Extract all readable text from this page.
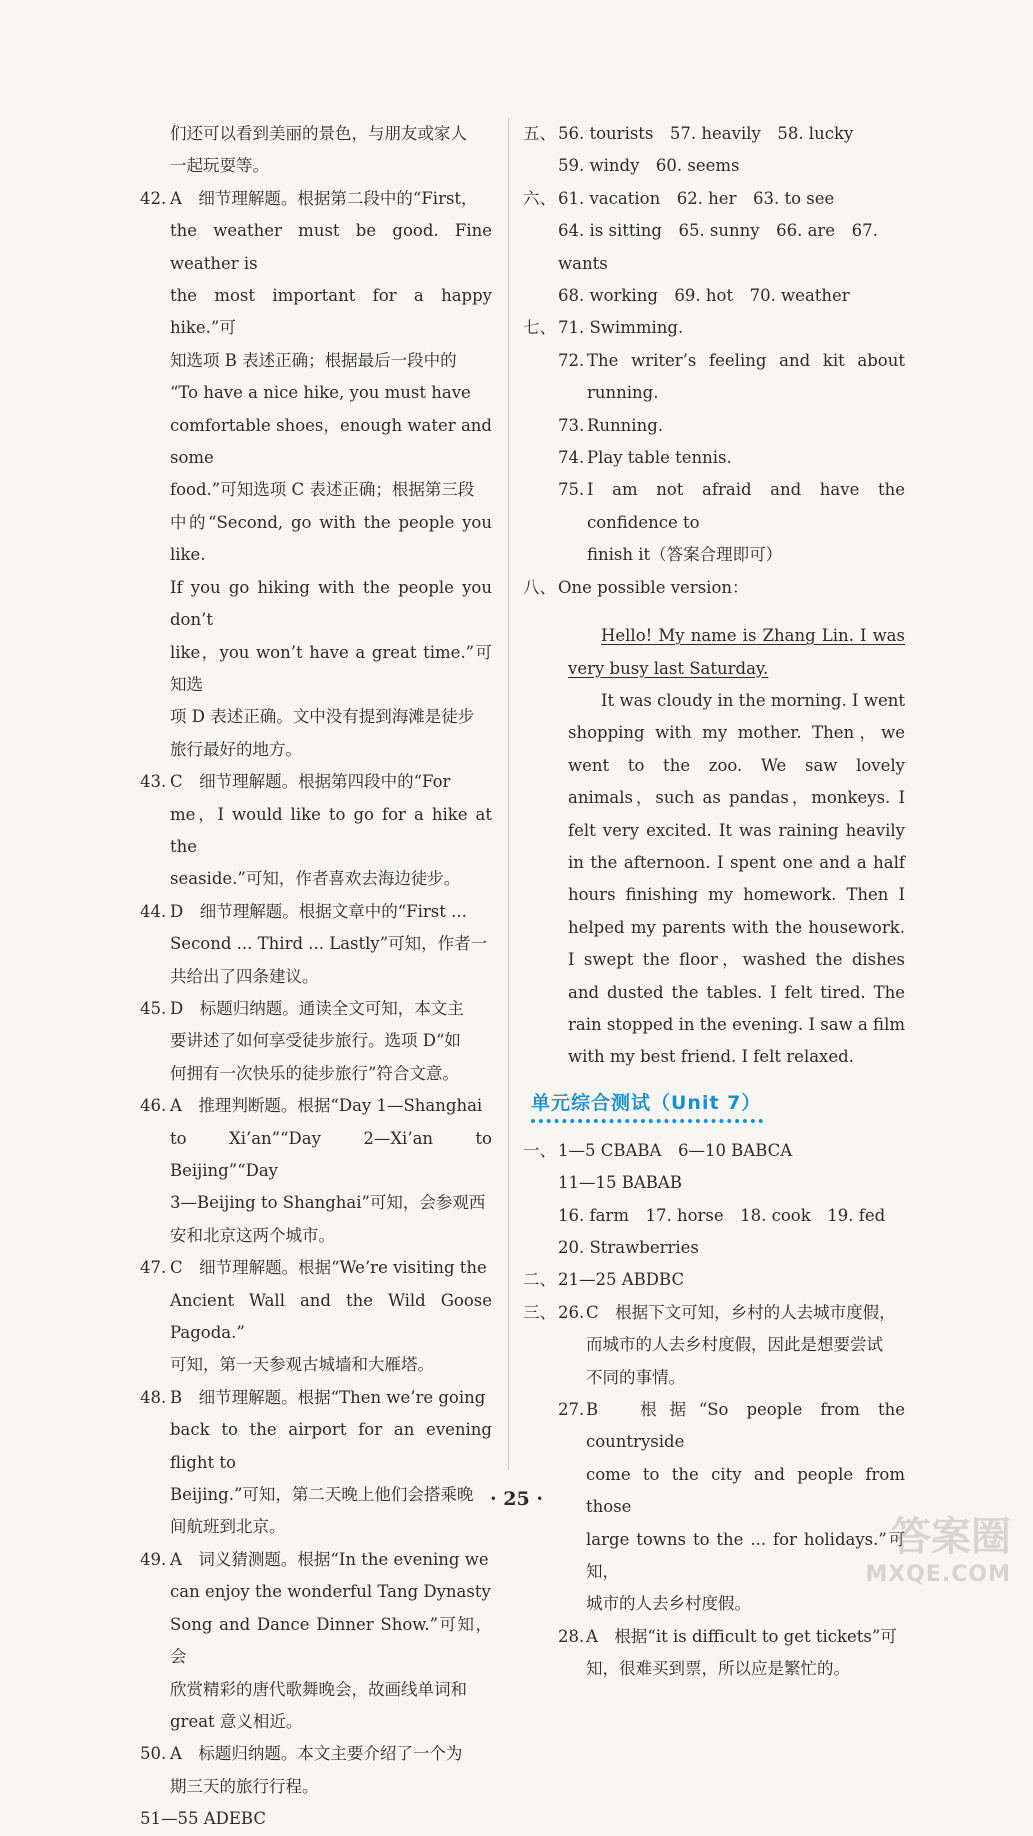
们还可以看到美丽的景色，与朋友或家人
一起玩耍等。
42. A　细节理解题。根据第二段中的“First，
the weather must be good. Fine weather is
the most important for a happy hike.”可
知选项 B 表述正确；根据最后一段中的
“To have a nice hike, you must have
comfortable shoes，enough water and some
food.”可知选项 C 表述正确；根据第三段
中的“Second, go with the people you like.
If you go hiking with the people you don’t
like，you won’t have a great time.”可知选
项 D 表述正确。文中没有提到海滩是徒步
旅行最好的地方。
43. C　细节理解题。根据第四段中的“For
me，I would like to go for a hike at the
seaside.”可知，作者喜欢去海边徒步。
44. D　细节理解题。根据文章中的“First ...
Second ... Third ... Lastly”可知，作者一
共给出了四条建议。
45. D　标题归纳题。通读全文可知，本文主
要讲述了如何享受徒步旅行。选项 D“如
何拥有一次快乐的徒步旅行”符合文意。
46. A　推理判断题。根据“Day 1—Shanghai
to Xi’an”“Day 2—Xi’an to Beijing”“Day
3—Beijing to Shanghai”可知，会参观西
安和北京这两个城市。
47. C　细节理解题。根据“We’re visiting the
Ancient Wall and the Wild Goose Pagoda.”
可知，第一天参观古城墙和大雁塔。
48. B　细节理解题。根据“Then we’re going
back to the airport for an evening flight to
Beijing.”可知，第二天晚上他们会搭乘晚
间航班到北京。
49. A　词义猜测题。根据“In the evening we
can enjoy the wonderful Tang Dynasty
Song and Dance Dinner Show.”可知，会
欣赏精彩的唐代歌舞晚会，故画线单词和
great 意义相近。
50. A　标题归纳题。本文主要介绍了一个为
期三天的旅行行程。
51—55 ADEBC
五、 56. tourists　57. heavily　58. lucky
59. windy　60. seems
六、 61. vacation　62. her　63. to see
64. is sitting　65. sunny　66. are　67. wants
68. working　69. hot　70. weather
七、 71. Swimming.
72. The writer’s feeling and kit about running.
73. Running.
74. Play table tennis.
75. I am not afraid and have the confidence to
finish it（答案合理即可）
八、 One possible version：

Hello! My name is Zhang Lin. I was very busy last Saturday.

It was cloudy in the morning. I went shopping with my mother. Then，we went to the zoo. We saw lovely animals，such as pandas，monkeys. I felt very excited. It was raining heavily in the afternoon. I spent one and a half hours finishing my homework. Then I helped my parents with the housework. I swept the floor，washed the dishes and dusted the tables. I felt tired. The rain stopped in the evening. I saw a film with my best friend. I felt relaxed.

单元综合测试（Unit 7）
一、 1—5 CBABA　6—10 BABCA
11—15 BABAB
16. farm　17. horse　18. cook　19. fed
20. Strawberries
二、 21—25 ABDBC
三、 26. C　根据下文可知，乡村的人去城市度假，
而城市的人去乡村度假，因此是想要尝试
不同的事情。
27. B　根据“So people from the countryside
come to the city and people from those
large towns to the ... for holidays.”可知，
城市的人去乡村度假。
28. A　根据“it is difficult to get tickets”可
知，很难买到票，所以应是繁忙的。
· 25 ·
答案圈
MXQE.COM
